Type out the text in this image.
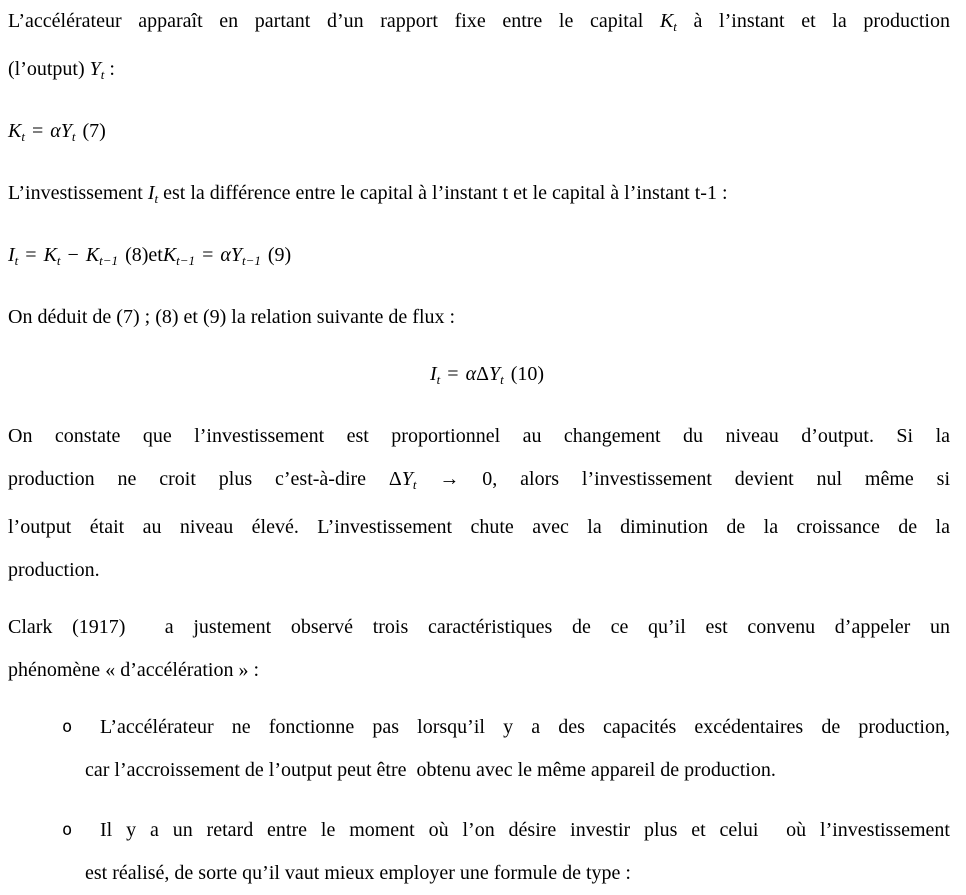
L’accélérateur apparaît en partant d’un rapport fixe entre le capital $K_t$ à l’instant et la production
(l’output) $Y_t$ :
$K_t = \alpha Y_t$ (7)
L’investissement $I_t$ est la différence entre le capital à l’instant t et le capital à l’instant t-1 :
$I_t = K_t - K_{t-1}$ $(8)etK_{t-1} = \alpha Y_{t-1}$ (9)
On déduit de (7) ; (8) et (9) la relation suivante de flux :
$I_t = \alpha\Delta Y_t$ (10)
On constate que l’investissement est proportionnel au changement du niveau d’output. Si la
production ne croit plus c’est-à-dire $\Delta Y_t \to 0$, alors l’investissement devient nul même si
l’output était au niveau élevé. L’investissement chute avec la diminution de la croissance de la
production.
Clark (1917)  a justement observé trois caractéristiques de ce qu’il est convenu d’appeler un
phénomène « d’accélération » :
o	L’accélérateur ne fonctionne pas lorsqu’il y a des capacités excédentaires de production,
car l’accroissement de l’output peut être  obtenu avec le même appareil de production.
o	Il y a un retard entre le moment où l’on désire investir plus et celui  où l’investissement
est réalisé, de sorte qu’il vaut mieux employer une formule de type :
